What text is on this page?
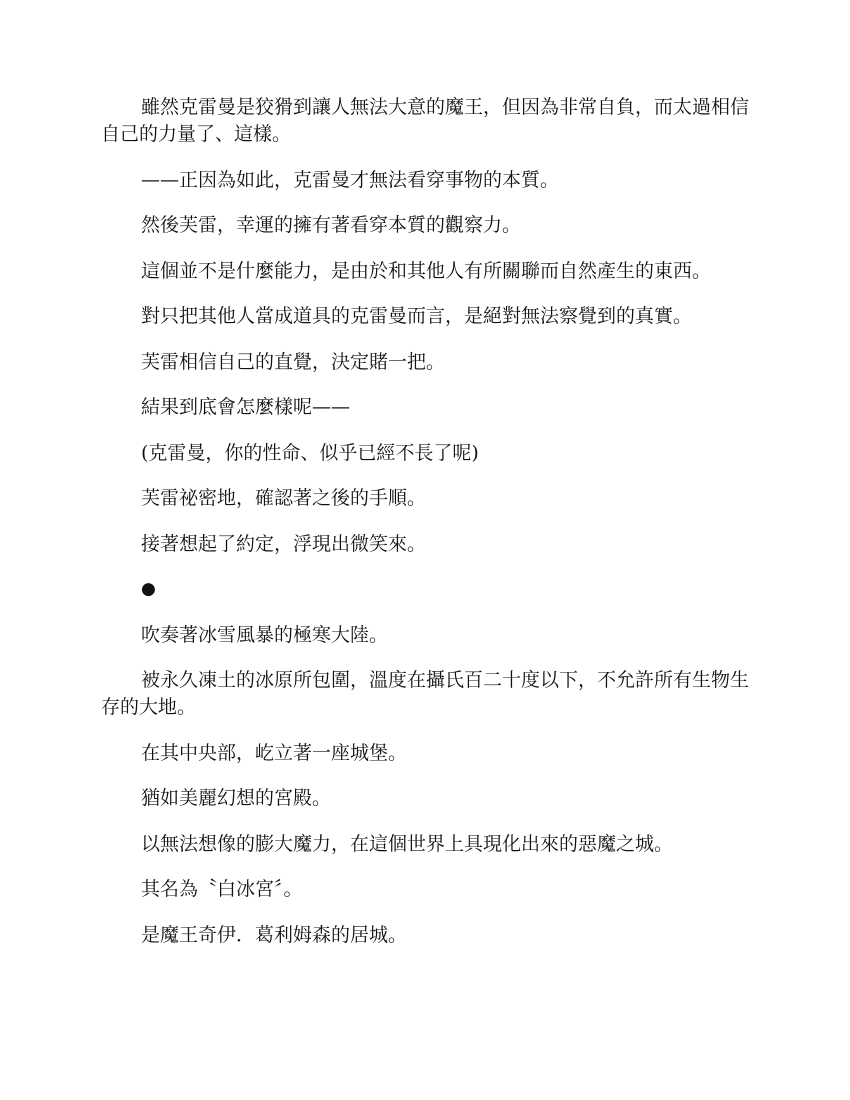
雖然克雷曼是狡猾到讓人無法大意的魔王，但因為非常自負，而太過相信自己的力量了、這樣。

——正因為如此，克雷曼才無法看穿事物的本質。

然後芙雷，幸運的擁有著看穿本質的觀察力。

這個並不是什麼能力，是由於和其他人有所關聯而自然產生的東西。

對只把其他人當成道具的克雷曼而言，是絕對無法察覺到的真實。

芙雷相信自己的直覺，決定賭一把。

結果到底會怎麼樣呢——

(克雷曼，你的性命、似乎已經不長了呢)

芙雷祕密地，確認著之後的手順。

接著想起了約定，浮現出微笑來。

●

吹奏著冰雪風暴的極寒大陸。

被永久凍土的冰原所包圍，溫度在攝氏百二十度以下，不允許所有生物生存的大地。

在其中央部，屹立著一座城堡。

猶如美麗幻想的宮殿。

以無法想像的膨大魔力，在這個世界上具現化出來的惡魔之城。

其名為〝白冰宮〞。

是魔王奇伊．葛利姆森的居城。
